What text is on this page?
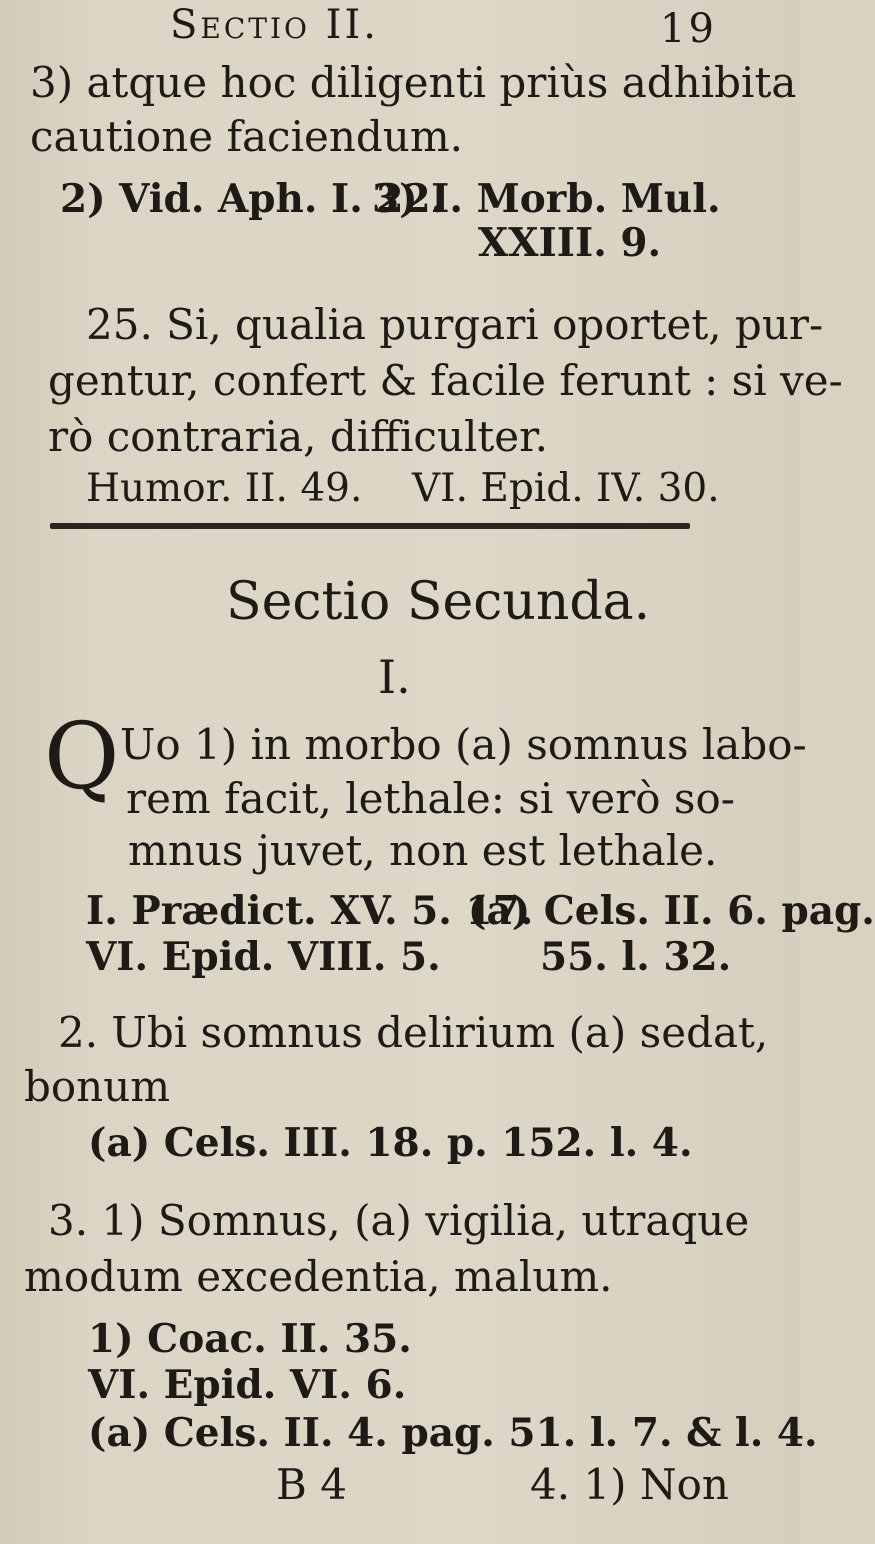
Sectio II.	19
3) atque hoc diligenti priùs adhibita
cautione faciendum.
2) Vid. Aph. I. 22.
3) I. Morb. Mul.
XXIII. 9.
25. Si, qualia purgari oportet, pur-
gentur, confert & facile ferunt : si ve-
rò contraria, difficulter.
Humor. II. 49. VI. Epid. IV. 30.
Sectio Secunda.
I.
Q Uo 1) in morbo (a) somnus labo-
rem facit, lethale: si verò so-
mnus juvet, non est lethale.
I. Prædict. XV. 5. 17.
(a) Cels. II. 6. pag.
VI. Epid. VIII. 5.	55. l. 32.
2. Ubi somnus delirium (a) sedat,
bonum
(a) Cels. III. 18. p. 152. l. 4.
3. 1) Somnus, (a) vigilia, utraque
modum excedentia, malum.
1) Coac. II. 35.
VI. Epid. VI. 6.
(a) Cels. II. 4. pag. 51. l. 7. & l. 4.
B 4	4. 1) Non
